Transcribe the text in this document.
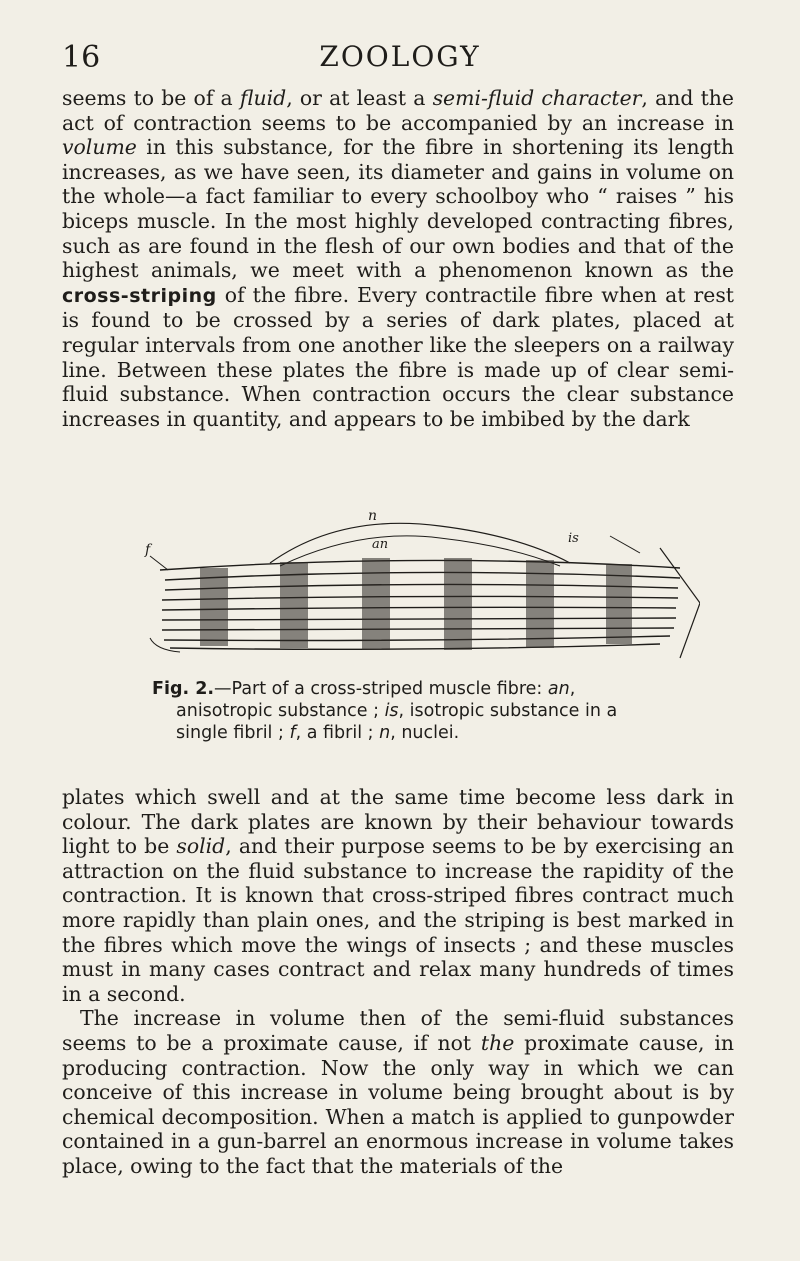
16	ZOOLOGY

seems to be of a fluid, or at least a semi-fluid character, and the act of contraction seems to be accompanied by an increase in volume in this substance, for the fibre in shortening its length increases, as we have seen, its diameter and gains in volume on the whole—a fact familiar to every schoolboy who “ raises ” his biceps muscle. In the most highly developed contracting fibres, such as are found in the flesh of our own bodies and that of the highest animals, we meet with a phenomenon known as the cross-striping of the fibre. Every contractile fibre when at rest is found to be crossed by a series of dark plates, placed at regular intervals from one another like the sleepers on a railway line. Between these plates the fibre is made up of clear semi-fluid substance. When contraction occurs the clear substance increases in quantity, and appears to be imbibed by the dark

n
f	an	is

Fig. 2.—Part of a cross-striped muscle fibre: an,
anisotropic substance ; is, isotropic substance in a
single fibril ; f, a fibril ; n, nuclei.

plates which swell and at the same time become less dark in colour. The dark plates are known by their behaviour towards light to be solid, and their purpose seems to be by exercising an attraction on the fluid substance to increase the rapidity of the contraction. It is known that cross-striped fibres contract much more rapidly than plain ones, and the striping is best marked in the fibres which move the wings of insects ; and these muscles must in many cases contract and relax many hundreds of times in a second.

The increase in volume then of the semi-fluid substances seems to be a proximate cause, if not the proximate cause, in producing contraction. Now the only way in which we can conceive of this increase in volume being brought about is by chemical decomposition. When a match is applied to gunpowder contained in a gun-barrel an enormous increase in volume takes place, owing to the fact that the materials of the
